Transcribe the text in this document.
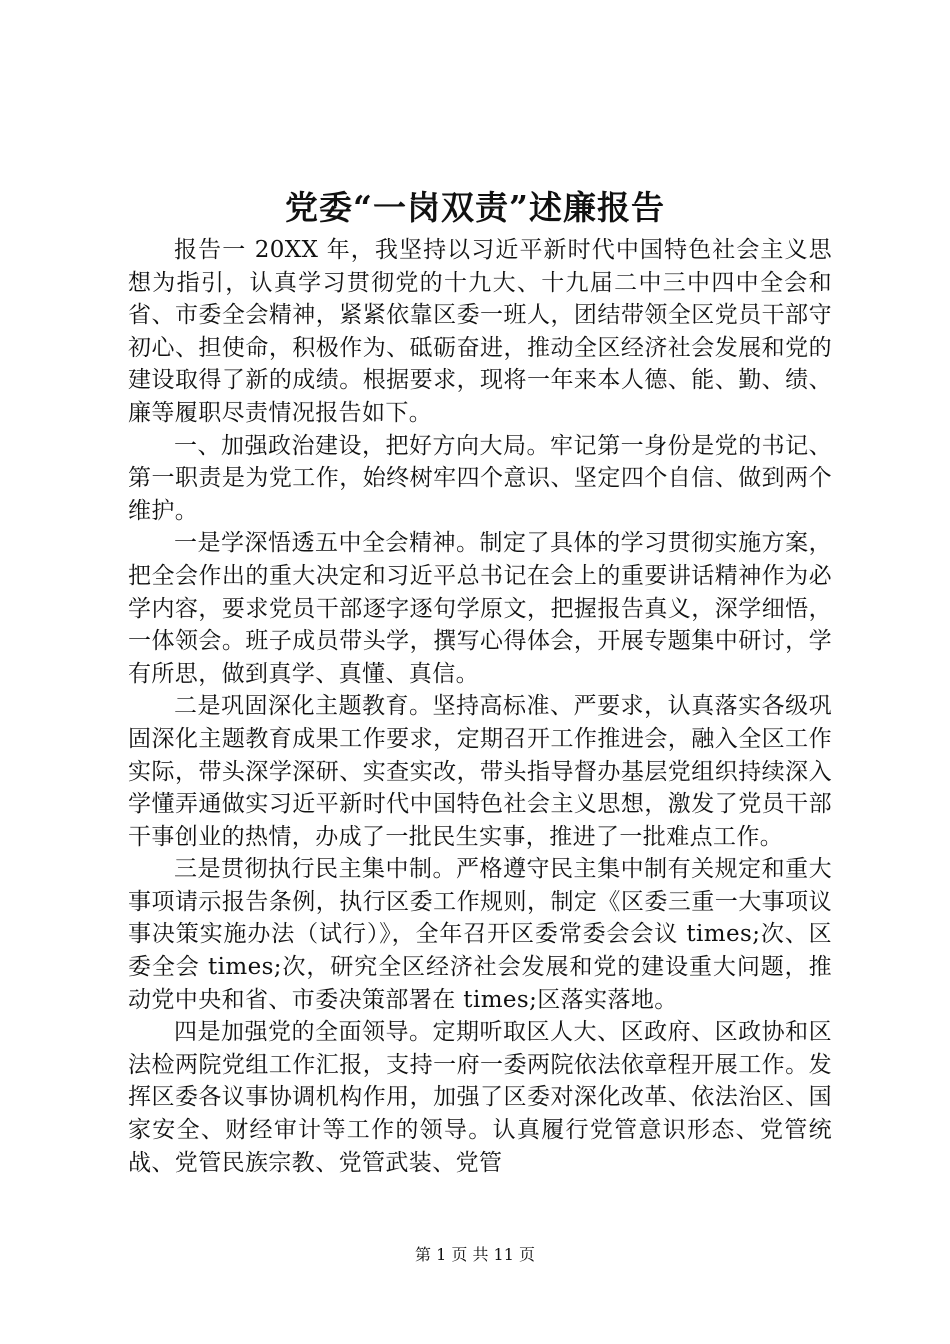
党委“一岗双责”述廉报告

报告一 20XX 年，我坚持以习近平新时代中国特色社会主义思想为指引，认真学习贯彻党的十九大、十九届二中三中四中全会和省、市委全会精神，紧紧依靠区委一班人，团结带领全区党员干部守初心、担使命，积极作为、砥砺奋进，推动全区经济社会发展和党的建设取得了新的成绩。根据要求，现将一年来本人德、能、勤、绩、廉等履职尽责情况报告如下。

一、加强政治建设，把好方向大局。牢记第一身份是党的书记、第一职责是为党工作，始终树牢四个意识、坚定四个自信、做到两个维护。

一是学深悟透五中全会精神。制定了具体的学习贯彻实施方案，把全会作出的重大决定和习近平总书记在会上的重要讲话精神作为必学内容，要求党员干部逐字逐句学原文，把握报告真义，深学细悟，一体领会。班子成员带头学，撰写心得体会，开展专题集中研讨，学有所思，做到真学、真懂、真信。

二是巩固深化主题教育。坚持高标准、严要求，认真落实各级巩固深化主题教育成果工作要求，定期召开工作推进会，融入全区工作实际，带头深学深研、实查实改，带头指导督办基层党组织持续深入学懂弄通做实习近平新时代中国特色社会主义思想，激发了党员干部干事创业的热情，办成了一批民生实事，推进了一批难点工作。

三是贯彻执行民主集中制。严格遵守民主集中制有关规定和重大事项请示报告条例，执行区委工作规则，制定《区委三重一大事项议事决策实施办法（试行）》，全年召开区委常委会会议 times;次、区委全会 times;次，研究全区经济社会发展和党的建设重大问题，推动党中央和省、市委决策部署在 times;区落实落地。

四是加强党的全面领导。定期听取区人大、区政府、区政协和区法检两院党组工作汇报，支持一府一委两院依法依章程开展工作。发挥区委各议事协调机构作用，加强了区委对深化改革、依法治区、国家安全、财经审计等工作的领导。认真履行党管意识形态、党管统战、党管民族宗教、党管武装、党管

第 1 页 共 11 页
